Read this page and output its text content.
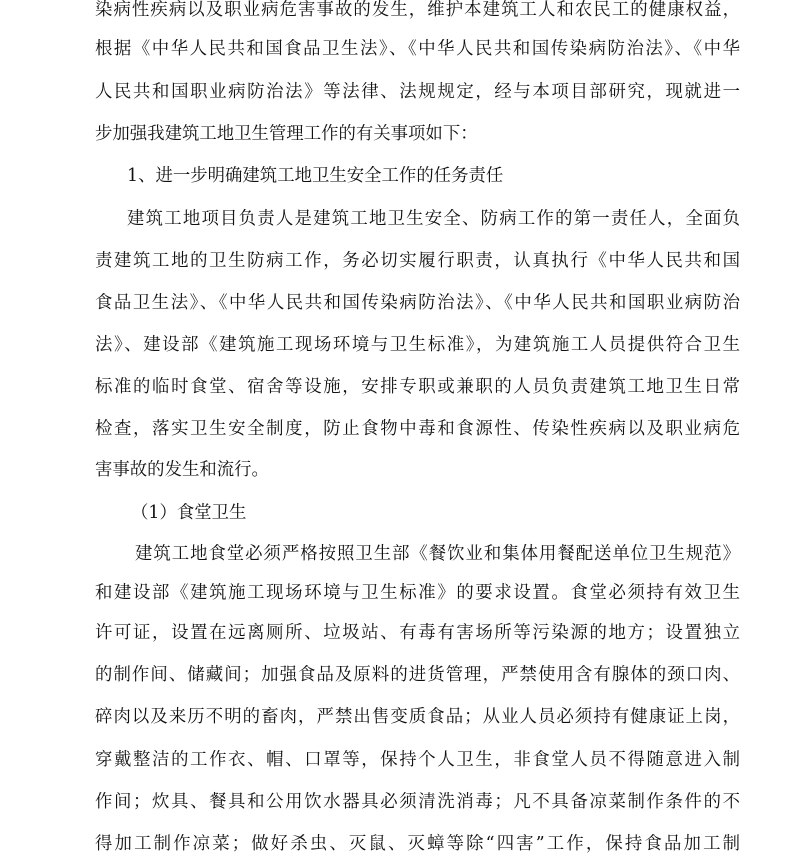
染病性疾病以及职业病危害事故的发生，维护本建筑工人和农民工的健康权益，

根据《中华人民共和国食品卫生法》、《中华人民共和国传染病防治法》、《中华

人民共和国职业病防治法》等法律、法规规定，经与本项目部研究，现就进一

步加强我建筑工地卫生管理工作的有关事项如下：

1、进一步明确建筑工地卫生安全工作的任务责任

建筑工地项目负责人是建筑工地卫生安全、防病工作的第一责任人，全面负

责建筑工地的卫生防病工作，务必切实履行职责，认真执行《中华人民共和国

食品卫生法》、《中华人民共和国传染病防治法》、《中华人民共和国职业病防治

法》、建设部《建筑施工现场环境与卫生标准》，为建筑施工人员提供符合卫生

标准的临时食堂、宿舍等设施，安排专职或兼职的人员负责建筑工地卫生日常

检查，落实卫生安全制度，防止食物中毒和食源性、传染性疾病以及职业病危

害事故的发生和流行。

（1）食堂卫生

建筑工地食堂必须严格按照卫生部《餐饮业和集体用餐配送单位卫生规范》

和建设部《建筑施工现场环境与卫生标准》的要求设置。食堂必须持有效卫生

许可证，设置在远离厕所、垃圾站、有毒有害场所等污染源的地方；设置独立

的制作间、储藏间；加强食品及原料的进货管理，严禁使用含有腺体的颈口肉、

碎肉以及来历不明的畜肉，严禁出售变质食品；从业人员必须持有健康证上岗，

穿戴整洁的工作衣、帽、口罩等，保持个人卫生，非食堂人员不得随意进入制

作间；炊具、餐具和公用饮水器具必须清洗消毒；凡不具备凉菜制作条件的不

得加工制作凉菜；做好杀虫、灭鼠、灭蟑等除“四害”工作，保持食品加工制
